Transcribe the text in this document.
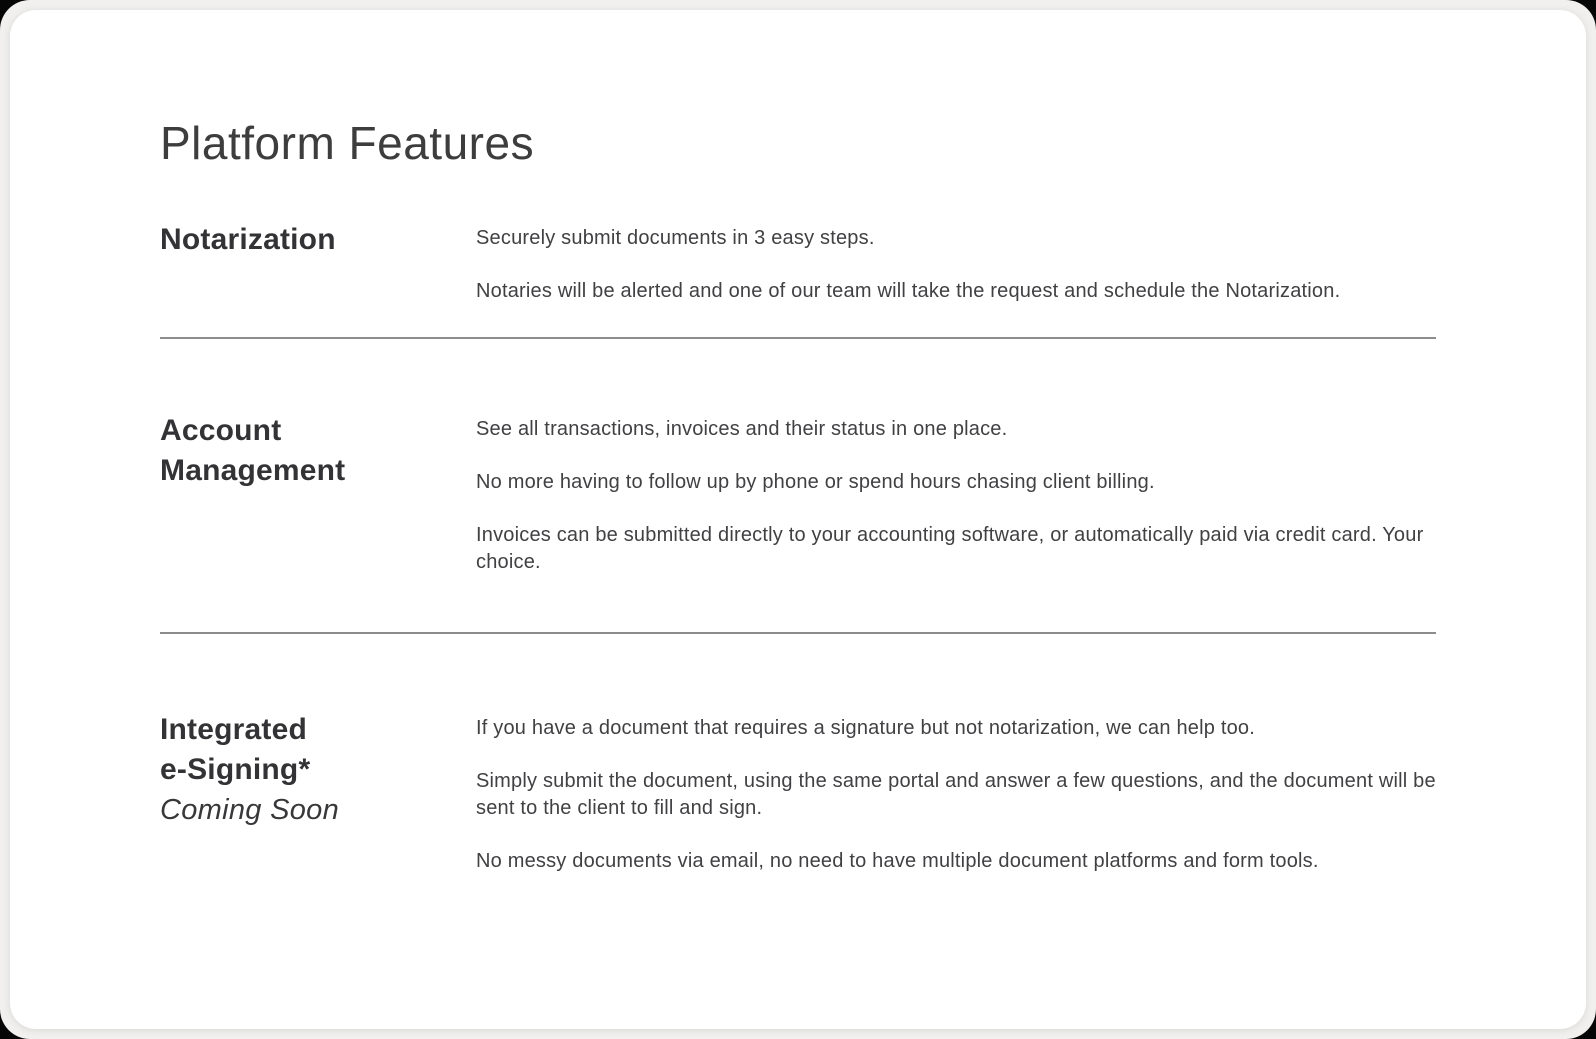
Platform Features
Notarization	Securely submit documents in 3 easy steps.

Notaries will be alerted and one of our team will take the request and schedule the Notarization.

Account
Management

See all transactions, invoices and their status in one place.

No more having to follow up by phone or spend hours chasing client billing.

Invoices can be submitted directly to your accounting software, or automatically paid via credit card. Your choice.

Integrated
e-Signing*
Coming Soon

If you have a document that requires a signature but not notarization, we can help too.

Simply submit the document, using the same portal and answer a few questions, and the document will be sent to the client to fill and sign.

No messy documents via email, no need to have multiple document platforms and form tools.
